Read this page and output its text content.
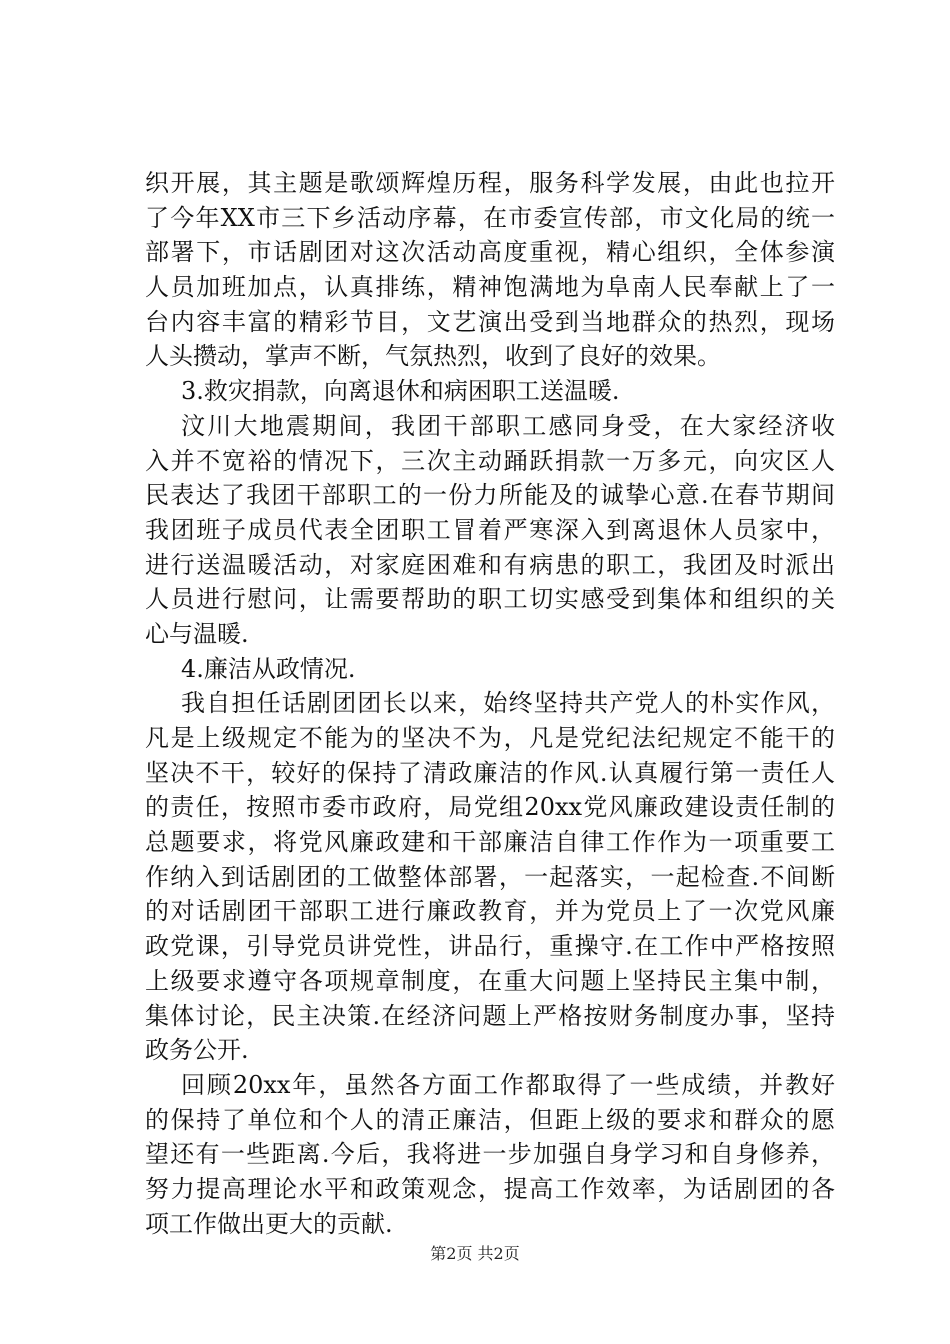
织开展，其主题是歌颂辉煌历程，服务科学发展，由此也拉开
了今年XX市三下乡活动序幕，在市委宣传部，市文化局的统一
部署下，市话剧团对这次活动高度重视，精心组织，全体参演
人员加班加点，认真排练，精神饱满地为阜南人民奉献上了一
台内容丰富的精彩节目，文艺演出受到当地群众的热烈，现场
人头攒动，掌声不断，气氛热烈，收到了良好的效果。
3.救灾捐款，向离退休和病困职工送温暖.
汶川大地震期间，我团干部职工感同身受，在大家经济收
入并不宽裕的情况下，三次主动踊跃捐款一万多元，向灾区人
民表达了我团干部职工的一份力所能及的诚挚心意.在春节期间
我团班子成员代表全团职工冒着严寒深入到离退休人员家中，
进行送温暖活动，对家庭困难和有病患的职工，我团及时派出
人员进行慰问，让需要帮助的职工切实感受到集体和组织的关
心与温暖.
4.廉洁从政情况.
我自担任话剧团团长以来，始终坚持共产党人的朴实作风，
凡是上级规定不能为的坚决不为，凡是党纪法纪规定不能干的
坚决不干，较好的保持了清政廉洁的作风.认真履行第一责任人
的责任，按照市委市政府，局党组20xx党风廉政建设责任制的
总题要求，将党风廉政建和干部廉洁自律工作作为一项重要工
作纳入到话剧团的工做整体部署，一起落实，一起检查.不间断
的对话剧团干部职工进行廉政教育，并为党员上了一次党风廉
政党课，引导党员讲党性，讲品行，重操守.在工作中严格按照
上级要求遵守各项规章制度，在重大问题上坚持民主集中制，
集体讨论，民主决策.在经济问题上严格按财务制度办事，坚持
政务公开.
回顾20xx年，虽然各方面工作都取得了一些成绩，并教好
的保持了单位和个人的清正廉洁，但距上级的要求和群众的愿
望还有一些距离.今后，我将进一步加强自身学习和自身修养，
努力提高理论水平和政策观念，提高工作效率，为话剧团的各
项工作做出更大的贡献.
第2页 共2页
